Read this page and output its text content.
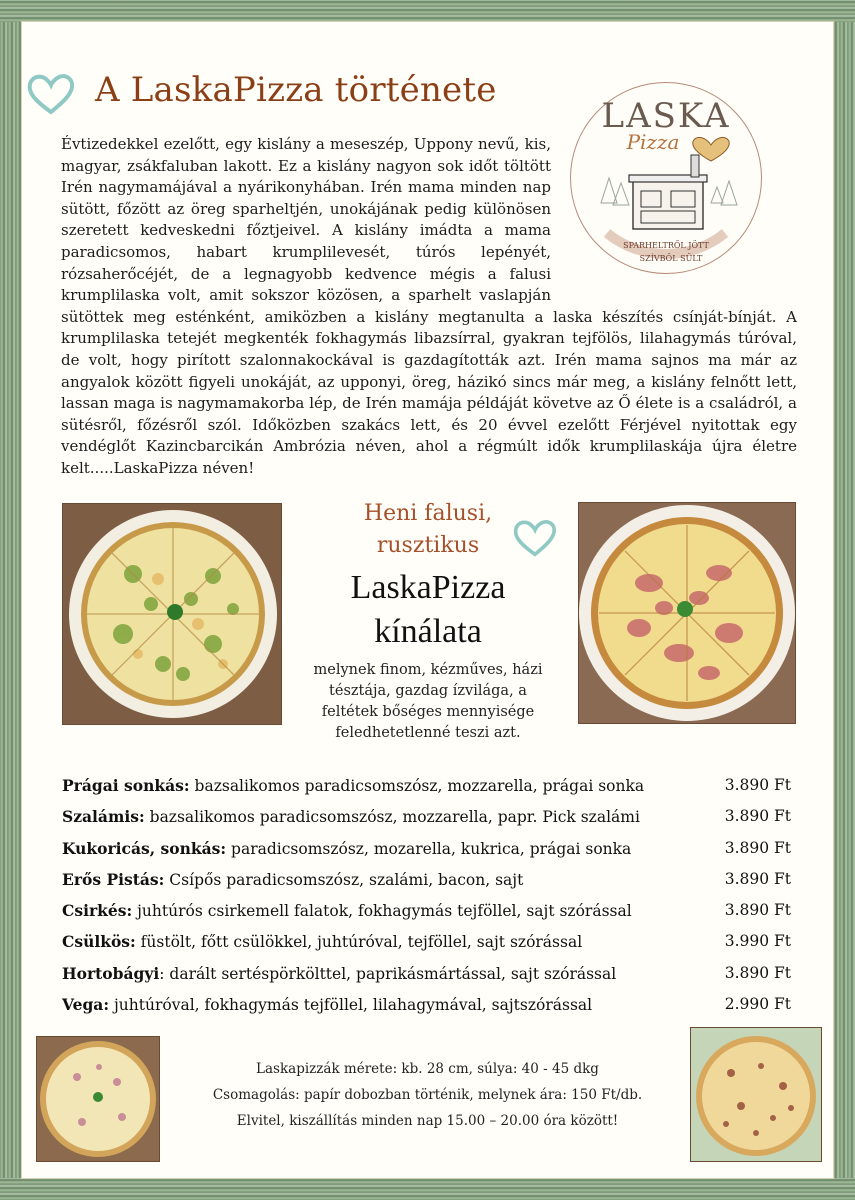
A LaskaPizza története
LASKA
Pizza
SPARHELTRŐL JÖTT
SZÍVBŐL SÜLT
Évtizedekkel ezelőtt, egy kislány a meseszép, Uppony nevű, kis, magyar, zsákfaluban lakott. Ez a kislány nagyon sok időt töltött Irén nagymamájával a nyárikonyhában. Irén mama minden nap sütött, főzött az öreg sparheltjén, unokájának pedig különösen szeretett kedveskedni főztjeivel. A kislány imádta a mama paradicsomos, habart krumplilevesét, túrós lepényét, rózsaherőcéjét, de a legnagyobb kedvence mégis a falusi krumplilaska volt, amit sokszor közösen, a sparhelt vaslapján sütöttek meg esténként, amiközben a kislány megtanulta a laska készítés csínját-bínját. A krumplilaska tetejét megkenték fokhagymás libazsírral, gyakran tejfölös, lilahagymás túróval, de volt, hogy pirított szalonnakockával is gazdagították azt. Irén mama sajnos ma már az angyalok között figyeli unokáját, az upponyi, öreg, házikó sincs már meg, a kislány felnőtt lett, lassan maga is nagymamakorba lép, de Irén mamája példáját követve az Ő élete is a családról, a sütésről, főzésről szól. Időközben szakács lett, és 20 évvel ezelőtt Férjével nyitottak egy vendéglőt Kazincbarcikán Ambrózia néven, ahol a régmúlt idők krumplilaskája újra életre kelt.....LaskaPizza néven!
Heni falusi,
rusztikus
LaskaPizza
kínálata
melynek finom, kézműves, házi tésztája, gazdag ízvilága, a feltétek bőséges mennyisége feledhetetlenné teszi azt.
Prágai sonkás: bazsalikomos paradicsomszósz, mozzarella, prágai sonka	3.890 Ft
Szalámis: bazsalikomos paradicsomszósz, mozzarella, papr. Pick szalámi	3.890 Ft
Kukoricás, sonkás: paradicsomszósz, mozarella, kukrica, prágai sonka	3.890 Ft
Erős Pistás: Csípős paradicsomszósz, szalámi, bacon, sajt	3.890 Ft
Csirkés: juhtúrós csirkemell falatok, fokhagymás tejföllel, sajt szórással	3.890 Ft
Csülkös: füstölt, főtt csülökkel, juhtúróval, tejföllel, sajt szórással	3.990 Ft
Hortobágyi: darált sertéspörkölttel, paprikásmártással, sajt szórással	3.890 Ft
Vega: juhtúróval, fokhagymás tejföllel, lilahagymával, sajtszórással	2.990 Ft
Laskapizzák mérete: kb. 28 cm, súlya: 40 - 45 dkg
Csomagolás: papír dobozban történik, melynek ára: 150 Ft/db.
Elvitel, kiszállítás minden nap 15.00 – 20.00 óra között!
